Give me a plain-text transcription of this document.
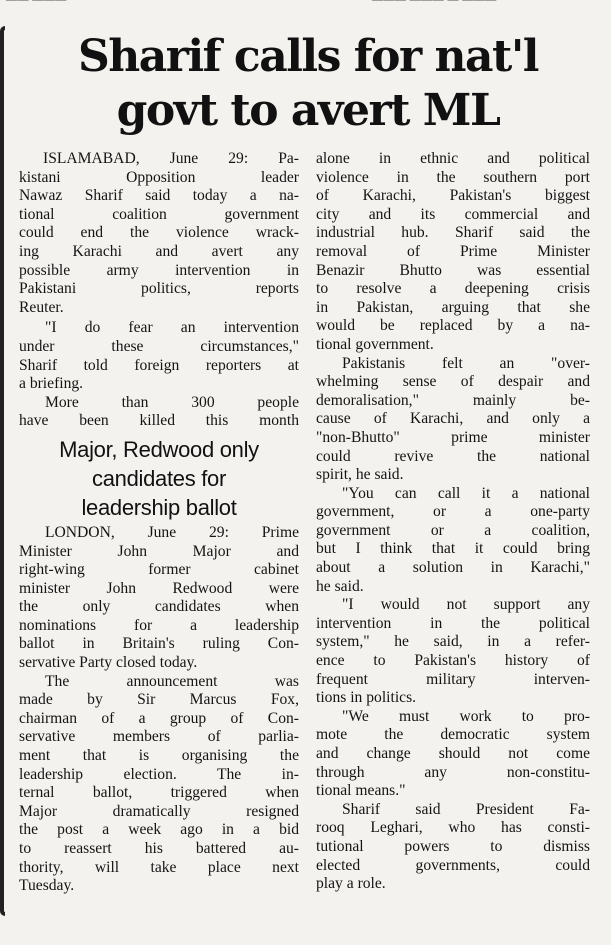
—— ———	——— ——— — ———
Sharif calls for nat'l
govt to avert ML
ISLAMABAD, June 29: Pa-
kistani Opposition leader
Nawaz Sharif said today a na-
tional coalition government
could end the violence wrack-
ing Karachi and avert any
possible army intervention in
Pakistani politics, reports
Reuter.
"I do fear an intervention
under these circumstances,"
Sharif told foreign reporters at
a briefing.
More than 300 people
have been killed this month
Major, Redwood only
candidates for
leadership ballot
LONDON, June 29: Prime
Minister John Major and
right-wing former cabinet
minister John Redwood were
the only candidates when
nominations for a leadership
ballot in Britain's ruling Con-
servative Party closed today.
The announcement was
made by Sir Marcus Fox,
chairman of a group of Con-
servative members of parlia-
ment that is organising the
leadership election. The in-
ternal ballot, triggered when
Major dramatically resigned
the post a week ago in a bid
to reassert his battered au-
thority, will take place next
Tuesday.
alone in ethnic and political
violence in the southern port
of Karachi, Pakistan's biggest
city and its commercial and
industrial hub. Sharif said the
removal of Prime Minister
Benazir Bhutto was essential
to resolve a deepening crisis
in Pakistan, arguing that she
would be replaced by a na-
tional government.
Pakistanis felt an "over-
whelming sense of despair and
demoralisation," mainly be-
cause of Karachi, and only a
"non-Bhutto" prime minister
could revive the national
spirit, he said.
"You can call it a national
government, or a one-party
government or a coalition,
but I think that it could bring
about a solution in Karachi,"
he said.
"I would not support any
intervention in the political
system," he said, in a refer-
ence to Pakistan's history of
frequent military interven-
tions in politics.
"We must work to pro-
mote the democratic system
and change should not come
through any non-constitu-
tional means."
Sharif said President Fa-
rooq Leghari, who has consti-
tutional powers to dismiss
elected governments, could
play a role.
